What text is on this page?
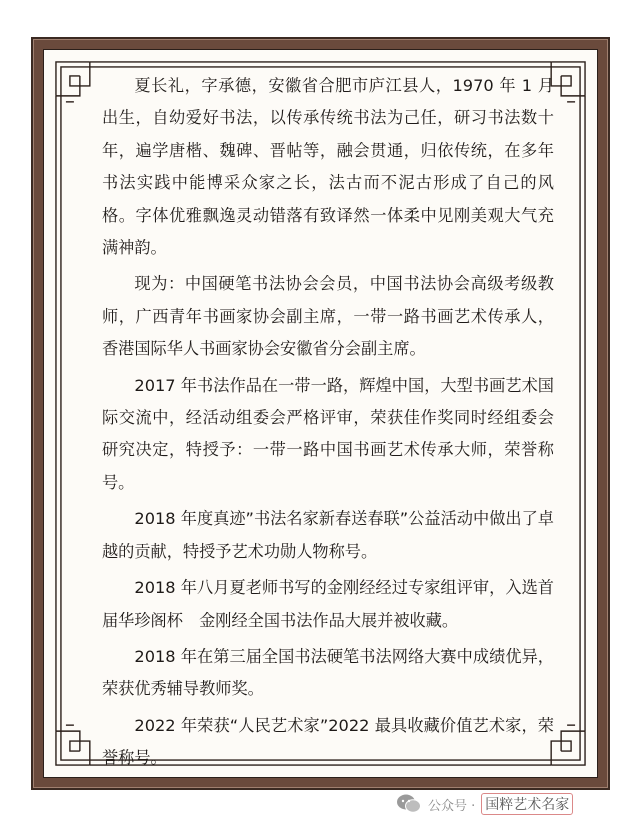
夏长礼，字承德，安徽省合肥市庐江县人，1970 年 1 月出生，自幼爱好书法，以传承传统书法为己任，研习书法数十年，遍学唐楷、魏碑、晋帖等，融会贯通，归依传统，在多年书法实践中能博采众家之长，法古而不泥古形成了自己的风格。字体优雅飘逸灵动错落有致译然一体柔中见刚美观大气充满神韵。

现为：中国硬笔书法协会会员，中国书法协会高级考级教师，广西青年书画家协会副主席，一带一路书画艺术传承人，香港国际华人书画家协会安徽省分会副主席。

2017 年书法作品在一带一路，辉煌中国，大型书画艺术国际交流中，经活动组委会严格评审，荣获佳作奖同时经组委会研究决定，特授予：一带一路中国书画艺术传承大师，荣誉称号。

2018 年度真迹”书法名家新春送春联”公益活动中做出了卓越的贡献，特授予艺术功勋人物称号。

2018 年八月夏老师书写的金刚经经过专家组评审，入选首届华珍阁杯　金刚经全国书法作品大展并被收藏。

2018 年在第三届全国书法硬笔书法网络大赛中成绩优异，荣获优秀辅导教师奖。

2022 年荣获“人民艺术家”2022 最具收藏价值艺术家，荣誉称号。

公众号 · 国粹艺术名家
